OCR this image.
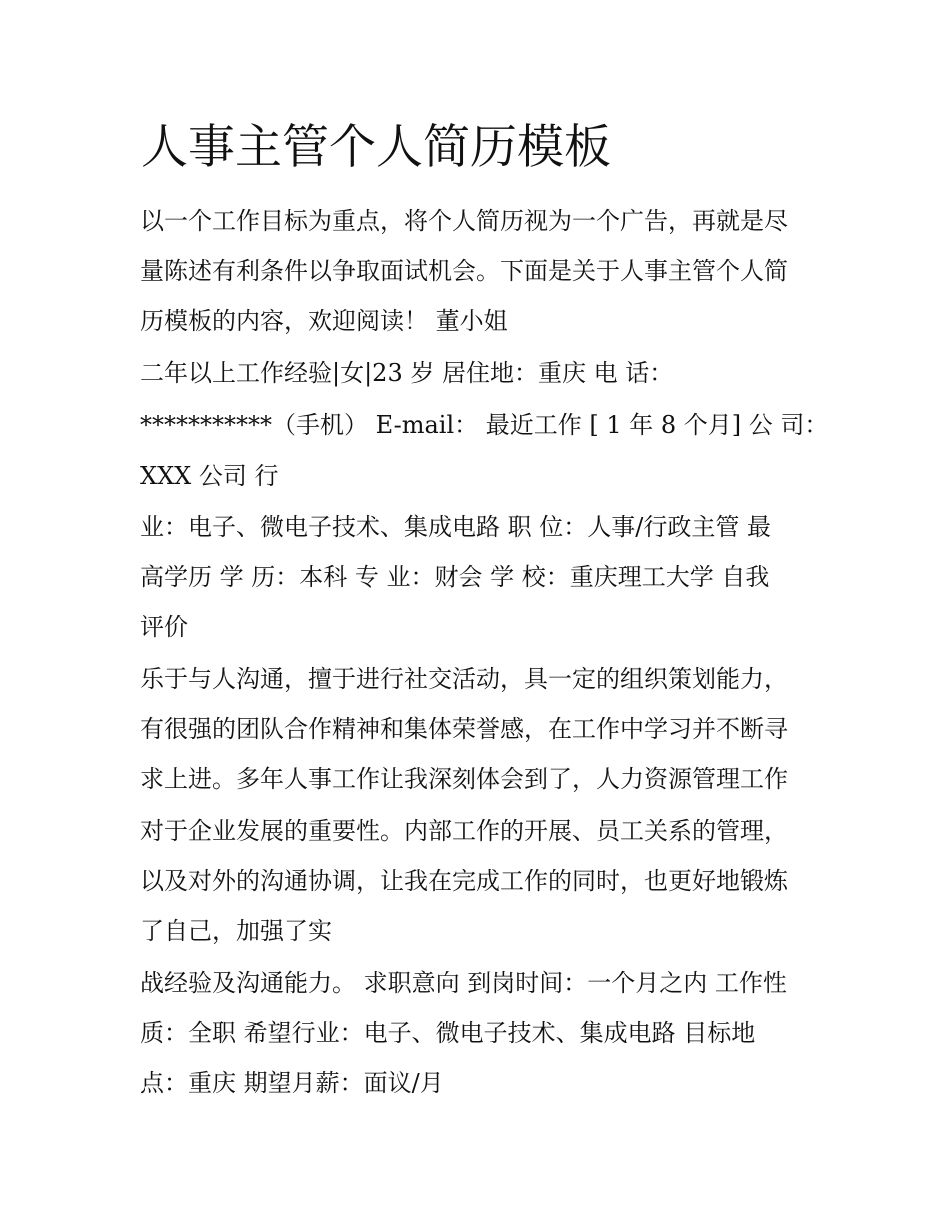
人事主管个人简历模板

以一个工作目标为重点，将个人简历视为一个广告，再就是尽

量陈述有利条件以争取面试机会。下面是关于人事主管个人简

历模板的内容，欢迎阅读！ 董小姐

二年以上工作经验|女|23 岁 居住地：重庆 电 话：

***********（手机） E-mail： 最近工作 [ 1 年 8 个月] 公 司：

XXX 公司 行

业：电子、微电子技术、集成电路 职 位：人事/行政主管 最

高学历 学 历：本科 专 业：财会 学 校：重庆理工大学 自我

评价

乐于与人沟通，擅于进行社交活动，具一定的组织策划能力，

有很强的团队合作精神和集体荣誉感，在工作中学习并不断寻

求上进。多年人事工作让我深刻体会到了，人力资源管理工作

对于企业发展的重要性。内部工作的开展、员工关系的管理，

以及对外的沟通协调，让我在完成工作的同时，也更好地锻炼

了自己，加强了实

战经验及沟通能力。 求职意向 到岗时间：一个月之内 工作性

质：全职 希望行业：电子、微电子技术、集成电路 目标地

点：重庆 期望月薪：面议/月
